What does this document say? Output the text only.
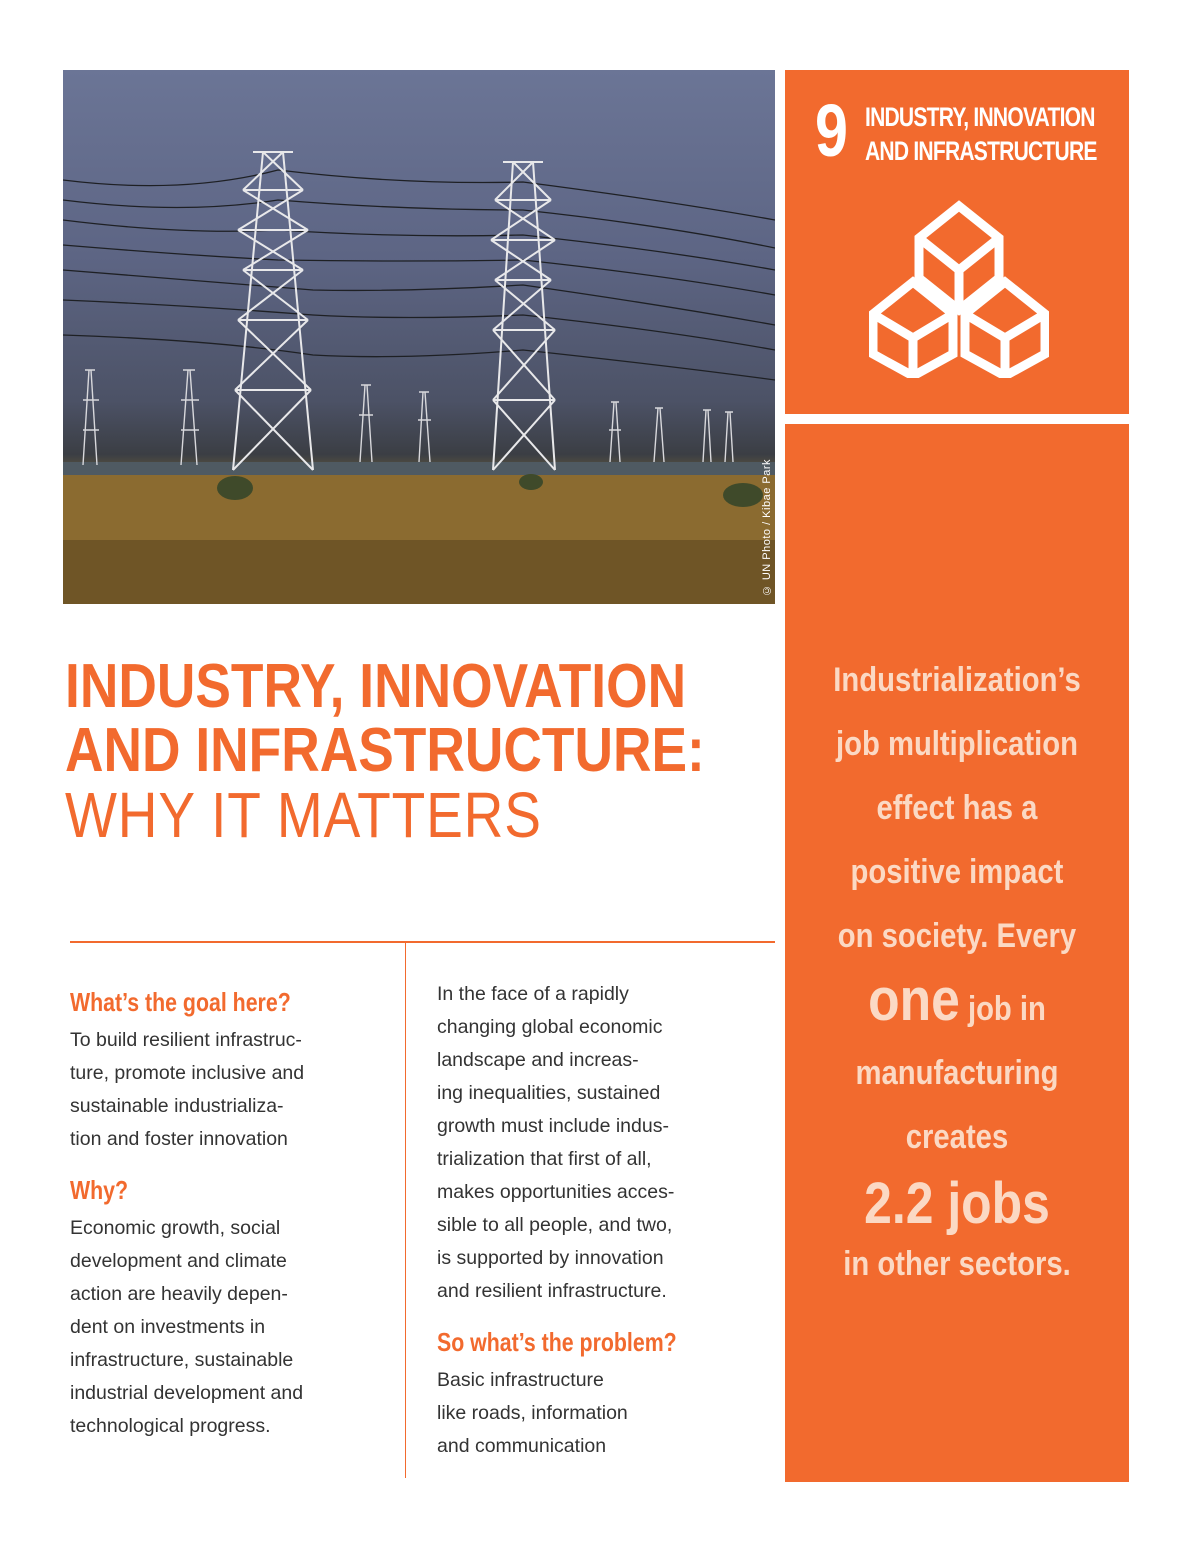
© UN Photo / Kibae Park
9 INDUSTRY, INNOVATION
AND INFRASTRUCTURE
Industrialization’s
job multiplication
effect has a
positive impact
on society. Every
one job in
manufacturing
creates
2.2 jobs
in other sectors.
INDUSTRY, INNOVATION
AND INFRASTRUCTURE:
WHY IT MATTERS
What’s the goal here?

To build resilient infrastruc-
ture, promote inclusive and
sustainable industrializa-
tion and foster innovation

Why?

Economic growth, social
development and climate
action are heavily depen-
dent on investments in
infrastructure, sustainable
industrial development and
technological progress.

In the face of a rapidly
changing global economic
landscape and increas-
ing inequalities, sustained
growth must include indus-
trialization that first of all,
makes opportunities acces-
sible to all people, and two,
is supported by innovation
and resilient infrastructure.

So what’s the problem?

Basic infrastructure
like roads, information
and communication
